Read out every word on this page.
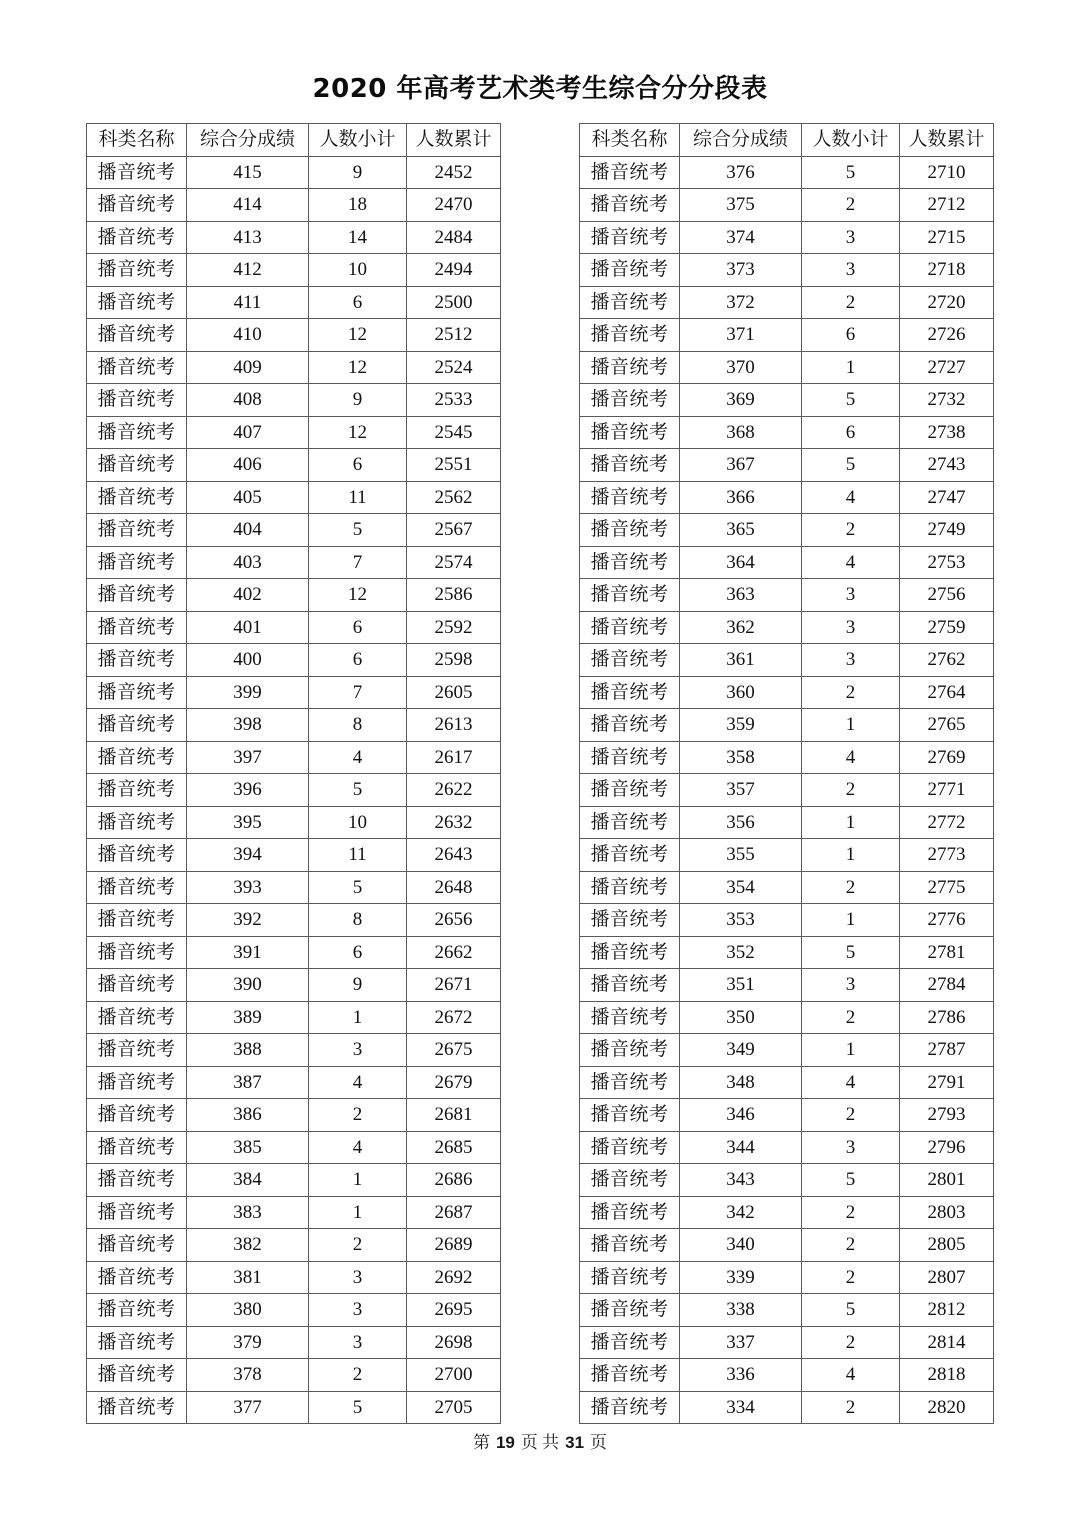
2020 年高考艺术类考生综合分分段表
科类名称	综合分成绩	人数小计	人数累计
播音统考	415	9	2452
播音统考	414	18	2470
播音统考	413	14	2484
播音统考	412	10	2494
播音统考	411	6	2500
播音统考	410	12	2512
播音统考	409	12	2524
播音统考	408	9	2533
播音统考	407	12	2545
播音统考	406	6	2551
播音统考	405	11	2562
播音统考	404	5	2567
播音统考	403	7	2574
播音统考	402	12	2586
播音统考	401	6	2592
播音统考	400	6	2598
播音统考	399	7	2605
播音统考	398	8	2613
播音统考	397	4	2617
播音统考	396	5	2622
播音统考	395	10	2632
播音统考	394	11	2643
播音统考	393	5	2648
播音统考	392	8	2656
播音统考	391	6	2662
播音统考	390	9	2671
播音统考	389	1	2672
播音统考	388	3	2675
播音统考	387	4	2679
播音统考	386	2	2681
播音统考	385	4	2685
播音统考	384	1	2686
播音统考	383	1	2687
播音统考	382	2	2689
播音统考	381	3	2692
播音统考	380	3	2695
播音统考	379	3	2698
播音统考	378	2	2700
播音统考	377	5	2705
科类名称	综合分成绩	人数小计	人数累计
播音统考	376	5	2710
播音统考	375	2	2712
播音统考	374	3	2715
播音统考	373	3	2718
播音统考	372	2	2720
播音统考	371	6	2726
播音统考	370	1	2727
播音统考	369	5	2732
播音统考	368	6	2738
播音统考	367	5	2743
播音统考	366	4	2747
播音统考	365	2	2749
播音统考	364	4	2753
播音统考	363	3	2756
播音统考	362	3	2759
播音统考	361	3	2762
播音统考	360	2	2764
播音统考	359	1	2765
播音统考	358	4	2769
播音统考	357	2	2771
播音统考	356	1	2772
播音统考	355	1	2773
播音统考	354	2	2775
播音统考	353	1	2776
播音统考	352	5	2781
播音统考	351	3	2784
播音统考	350	2	2786
播音统考	349	1	2787
播音统考	348	4	2791
播音统考	346	2	2793
播音统考	344	3	2796
播音统考	343	5	2801
播音统考	342	2	2803
播音统考	340	2	2805
播音统考	339	2	2807
播音统考	338	5	2812
播音统考	337	2	2814
播音统考	336	4	2818
播音统考	334	2	2820
第 19 页 共 31 页
